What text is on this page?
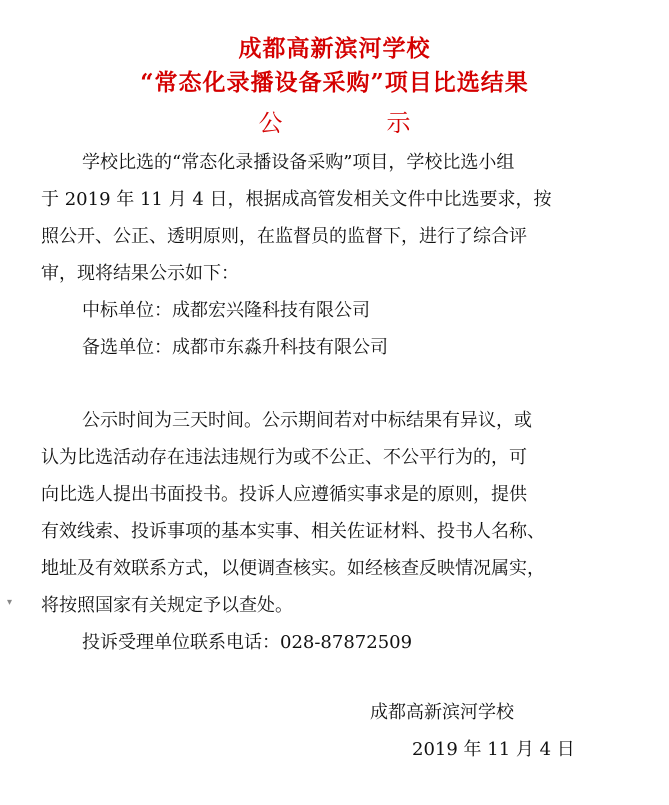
成都高新滨河学校
“常态化录播设备采购”项目比选结果
公　示
学校比选的“常态化录播设备采购”项目，学校比选小组
于 2019 年 11 月 4 日，根据成高管发相关文件中比选要求，按
照公开、公正、透明原则，在监督员的监督下，进行了综合评
审，现将结果公示如下：
中标单位：成都宏兴隆科技有限公司
备选单位：成都市东淼升科技有限公司
公示时间为三天时间。公示期间若对中标结果有异议，或
认为比选活动存在违法违规行为或不公正、不公平行为的，可
向比选人提出书面投书。投诉人应遵循实事求是的原则，提供
有效线索、投诉事项的基本实事、相关佐证材料、投书人名称、
地址及有效联系方式，以便调查核实。如经核查反映情况属实，
将按照国家有关规定予以查处。
投诉受理单位联系电话：028-87872509
成都高新滨河学校
2019 年 11 月 4 日
▾
